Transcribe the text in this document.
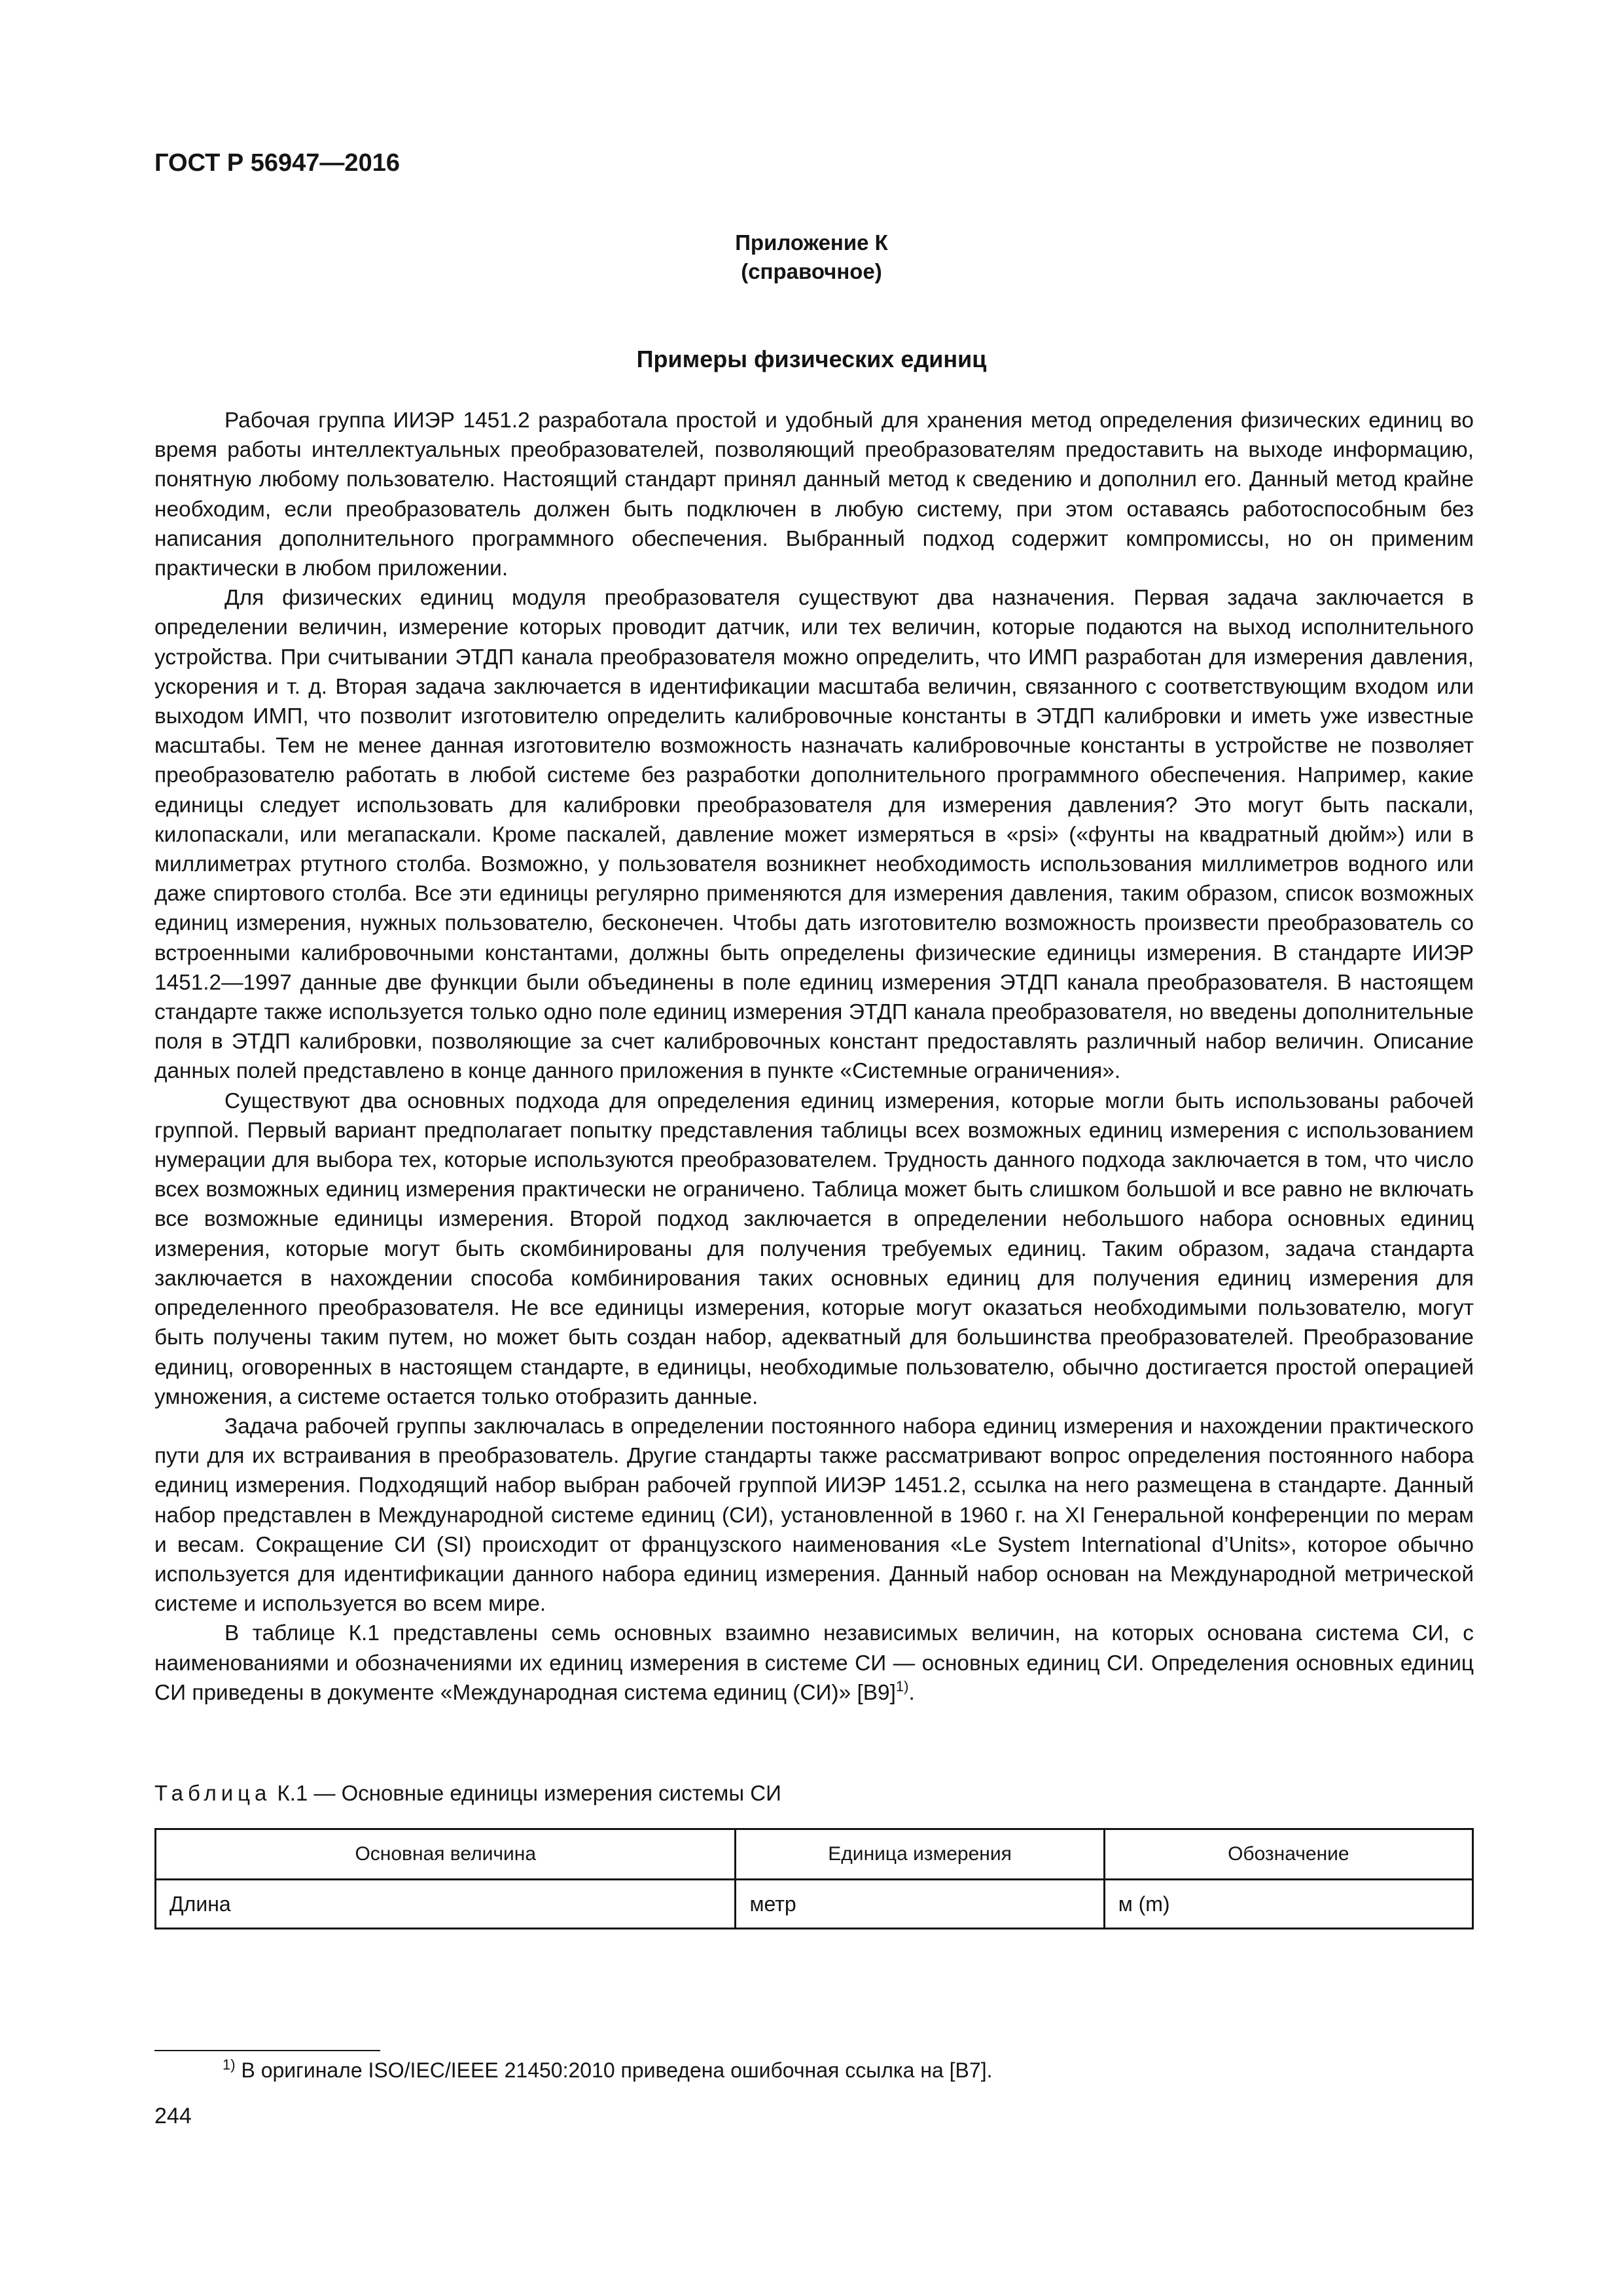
ГОСТ Р 56947—2016
Приложение К
(справочное)
Примеры физических единиц

Рабочая группа ИИЭР 1451.2 разработала простой и удобный для хранения метод определения физических единиц во время работы интеллектуальных преобразователей, позволяющий преобразователям предоставить на выходе информацию, понятную любому пользователю. Настоящий стандарт принял данный метод к сведению и дополнил его. Данный метод крайне необходим, если преобразователь должен быть подключен в любую систему, при этом оставаясь работоспособным без написания дополнительного программного обеспечения. Выбранный подход содержит компромиссы, но он применим практически в любом приложении.

Для физических единиц модуля преобразователя существуют два назначения. Первая задача заключается в определении величин, измерение которых проводит датчик, или тех величин, которые подаются на выход исполнительного устройства. При считывании ЭТДП канала преобразователя можно определить, что ИМП разработан для измерения давления, ускорения и т. д. Вторая задача заключается в идентификации масштаба величин, связанного с соответствующим входом или выходом ИМП, что позволит изготовителю определить калибровочные константы в ЭТДП калибровки и иметь уже известные масштабы. Тем не менее данная изготовителю возможность назначать калибровочные константы в устройстве не позволяет преобразователю работать в любой системе без разработки дополнительного программного обеспечения. Например, какие единицы следует использовать для калибровки преобразователя для измерения давления? Это могут быть паскали, килопаскали, или мегапаскали. Кроме паскалей, давление может измеряться в «psi» («фунты на квадратный дюйм») или в миллиметрах ртутного столба. Возможно, у пользователя возникнет необходимость использования миллиметров водного или даже спиртового столба. Все эти единицы регулярно применяются для измерения давления, таким образом, список возможных единиц измерения, нужных пользователю, бесконечен. Чтобы дать изготовителю возможность произвести преобразователь со встроенными калибровочными константами, должны быть определены физические единицы измерения. В стандарте ИИЭР 1451.2—1997 данные две функции были объединены в поле единиц измерения ЭТДП канала преобразователя. В настоящем стандарте также используется только одно поле единиц измерения ЭТДП канала преобразователя, но введены дополнительные поля в ЭТДП калибровки, позволяющие за счет калибровочных констант предоставлять различный набор величин. Описание данных полей представлено в конце данного приложения в пункте «Системные ограничения».

Существуют два основных подхода для определения единиц измерения, которые могли быть использованы рабочей группой. Первый вариант предполагает попытку представления таблицы всех возможных единиц измерения с использованием нумерации для выбора тех, которые используются преобразователем. Трудность данного подхода заключается в том, что число всех возможных единиц измерения практически не ограничено. Таблица может быть слишком большой и все равно не включать все возможные единицы измерения. Второй подход заключается в определении небольшого набора основных единиц измерения, которые могут быть скомбинированы для получения требуемых единиц. Таким образом, задача стандарта заключается в нахождении способа комбинирования таких основных единиц для получения единиц измерения для определенного преобразователя. Не все единицы измерения, которые могут оказаться необходимыми пользователю, могут быть получены таким путем, но может быть создан набор, адекватный для большинства преобразователей. Преобразование единиц, оговоренных в настоящем стандарте, в единицы, необходимые пользователю, обычно достигается простой операцией умножения, а системе остается только отобразить данные.

Задача рабочей группы заключалась в определении постоянного набора единиц измерения и нахождении практического пути для их встраивания в преобразователь. Другие стандарты также рассматривают вопрос определения постоянного набора единиц измерения. Подходящий набор выбран рабочей группой ИИЭР 1451.2, ссылка на него размещена в стандарте. Данный набор представлен в Международной системе единиц (СИ), установленной в 1960 г. на XI Генеральной конференции по мерам и весам. Сокращение СИ (SI) происходит от французского наименования «Le System International d’Units», которое обычно используется для идентификации данного набора единиц измерения. Данный набор основан на Международной метрической системе и используется во всем мире.

В таблице К.1 представлены семь основных взаимно независимых величин, на которых основана система СИ, с наименованиями и обозначениями их единиц измерения в системе СИ — основных единиц СИ. Определения основных единиц СИ приведены в документе «Международная система единиц (СИ)» $[B9]^{1)}$.

Таблица К.1 — Основные единицы измерения системы СИ
Основная величина	Единица измерения	Обозначение
Длина	метр	м (m)
$^{1)}$ В оригинале ISO/IEC/IEEE 21450:2010 приведена ошибочная ссылка на [B7].
244
